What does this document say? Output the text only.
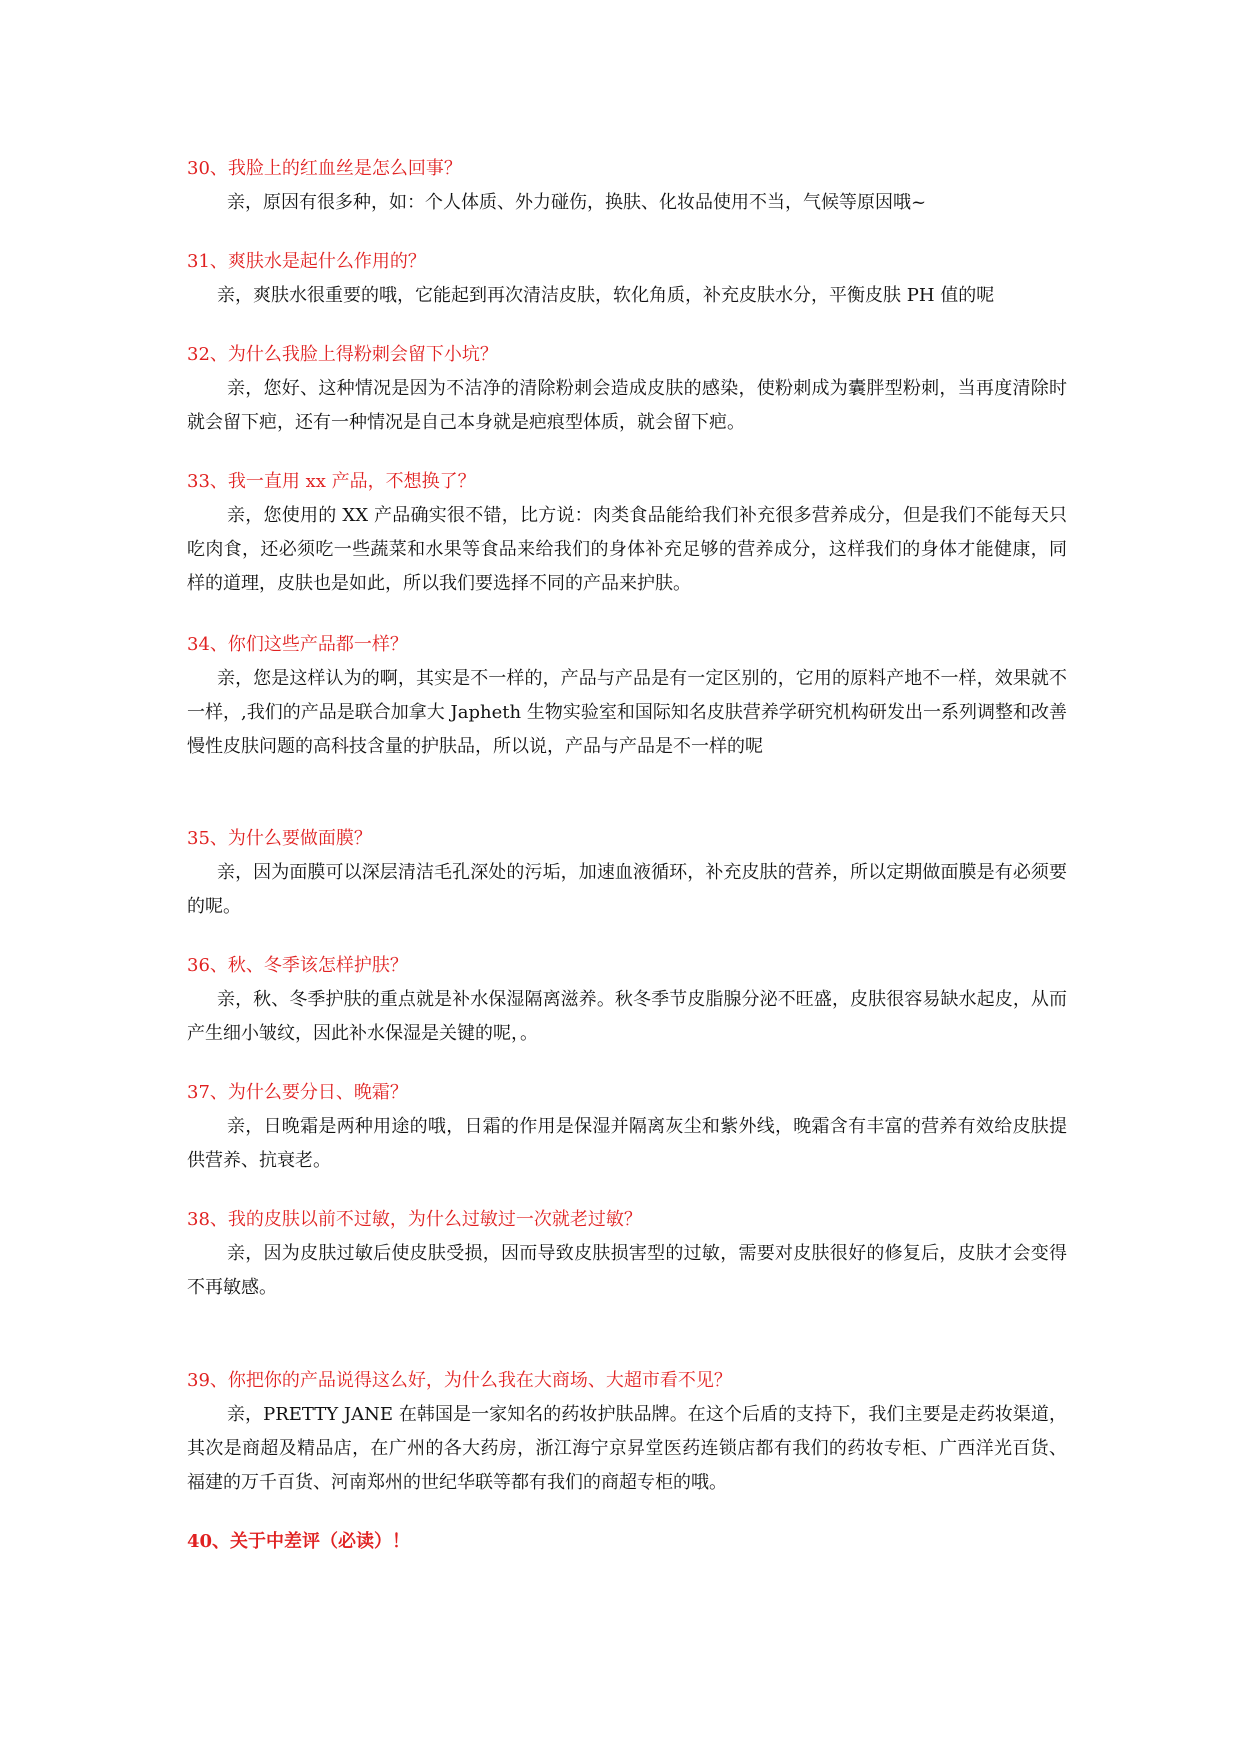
30、我脸上的红血丝是怎么回事？
亲，原因有很多种，如：个人体质、外力碰伤，换肤、化妆品使用不当，气候等原因哦~
31、爽肤水是起什么作用的？
亲，爽肤水很重要的哦，它能起到再次清洁皮肤，软化角质，补充皮肤水分，平衡皮肤 PH 值的呢
32、为什么我脸上得粉刺会留下小坑？
亲，您好、这种情况是因为不洁净的清除粉刺会造成皮肤的感染，使粉刺成为囊胖型粉刺，当再度清除时就会留下疤，还有一种情况是自己本身就是疤痕型体质，就会留下疤。
33、我一直用 xx 产品，不想换了？
亲，您使用的 XX 产品确实很不错，比方说：肉类食品能给我们补充很多营养成分，但是我们不能每天只吃肉食，还必须吃一些蔬菜和水果等食品来给我们的身体补充足够的营养成分，这样我们的身体才能健康，同样的道理，皮肤也是如此，所以我们要选择不同的产品来护肤。
34、你们这些产品都一样？
亲，您是这样认为的啊，其实是不一样的，产品与产品是有一定区别的，它用的原料产地不一样，效果就不一样，,我们的产品是联合加拿大 Japheth 生物实验室和国际知名皮肤营养学研究机构研发出一系列调整和改善慢性皮肤问题的高科技含量的护肤品，所以说，产品与产品是不一样的呢
35、为什么要做面膜？
亲，因为面膜可以深层清洁毛孔深处的污垢，加速血液循环，补充皮肤的营养，所以定期做面膜是有必须要的呢。
36、秋、冬季该怎样护肤？
亲，秋、冬季护肤的重点就是补水保湿隔离滋养。秋冬季节皮脂腺分泌不旺盛，皮肤很容易缺水起皮，从而产生细小皱纹，因此补水保湿是关键的呢，。
37、为什么要分日、晚霜？
亲，日晚霜是两种用途的哦，日霜的作用是保湿并隔离灰尘和紫外线，晚霜含有丰富的营养有效给皮肤提供营养、抗衰老。
38、我的皮肤以前不过敏，为什么过敏过一次就老过敏？
亲，因为皮肤过敏后使皮肤受损，因而导致皮肤损害型的过敏，需要对皮肤很好的修复后，皮肤才会变得不再敏感。
39、你把你的产品说得这么好，为什么我在大商场、大超市看不见？
亲，PRETTY JANE 在韩国是一家知名的药妆护肤品牌。在这个后盾的支持下，我们主要是走药妆渠道，其次是商超及精品店，在广州的各大药房，浙江海宁京昇堂医药连锁店都有我们的药妆专柜、广西洋光百货、福建的万千百货、河南郑州的世纪华联等都有我们的商超专柜的哦。
40、关于中差评（必读）！
